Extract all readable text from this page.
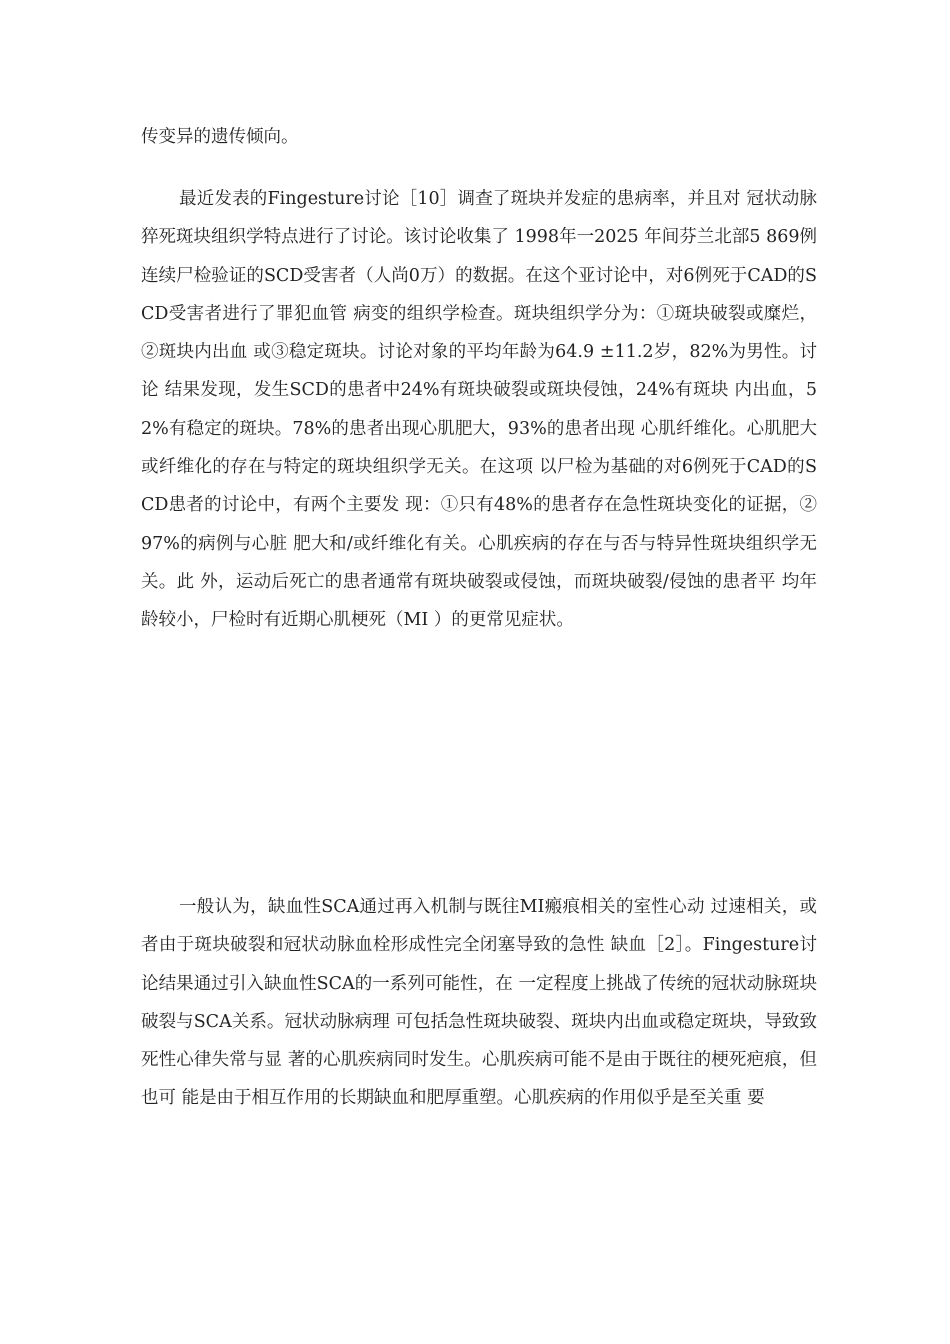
传变异的遗传倾向。

最近发表的Fingesture讨论［10］调查了斑块并发症的患病率，并且对 冠状动脉猝死斑块组织学特点进行了讨论。该讨论收集了 1998年一2025 年间芬兰北部5 869例连续尸检验证的SCD受害者（人尚0万）的数据。在这个亚讨论中，对6例死于CAD的SCD受害者进行了罪犯血管 病变的组织学检查。斑块组织学分为：①斑块破裂或糜烂，②斑块内出血 或③稳定斑块。讨论对象的平均年龄为64.9 ±11.2岁，82%为男性。讨论 结果发现，发生SCD的患者中24%有斑块破裂或斑块侵蚀，24%有斑块 内出血，52%有稳定的斑块。78%的患者出现心肌肥大，93%的患者出现 心肌纤维化。心肌肥大或纤维化的存在与特定的斑块组织学无关。在这项 以尸检为基础的对6例死于CAD的SCD患者的讨论中，有两个主要发 现：①只有48%的患者存在急性斑块变化的证据，② 97%的病例与心脏 肥大和/或纤维化有关。心肌疾病的存在与否与特异性斑块组织学无关。此 外，运动后死亡的患者通常有斑块破裂或侵蚀，而斑块破裂/侵蚀的患者平 均年龄较小，尸检时有近期心肌梗死（MI ）的更常见症状。

一般认为，缺血性SCA通过再入机制与既往MI瘢痕相关的室性心动 过速相关，或者由于斑块破裂和冠状动脉血栓形成性完全闭塞导致的急性 缺血［2］。Fingesture讨论结果通过引入缺血性SCA的一系列可能性，在 一定程度上挑战了传统的冠状动脉斑块破裂与SCA关系。冠状动脉病理 可包括急性斑块破裂、斑块内出血或稳定斑块，导致致死性心律失常与显 著的心肌疾病同时发生。心肌疾病可能不是由于既往的梗死疤痕，但也可 能是由于相互作用的长期缺血和肥厚重塑。心肌疾病的作用似乎是至关重 要
